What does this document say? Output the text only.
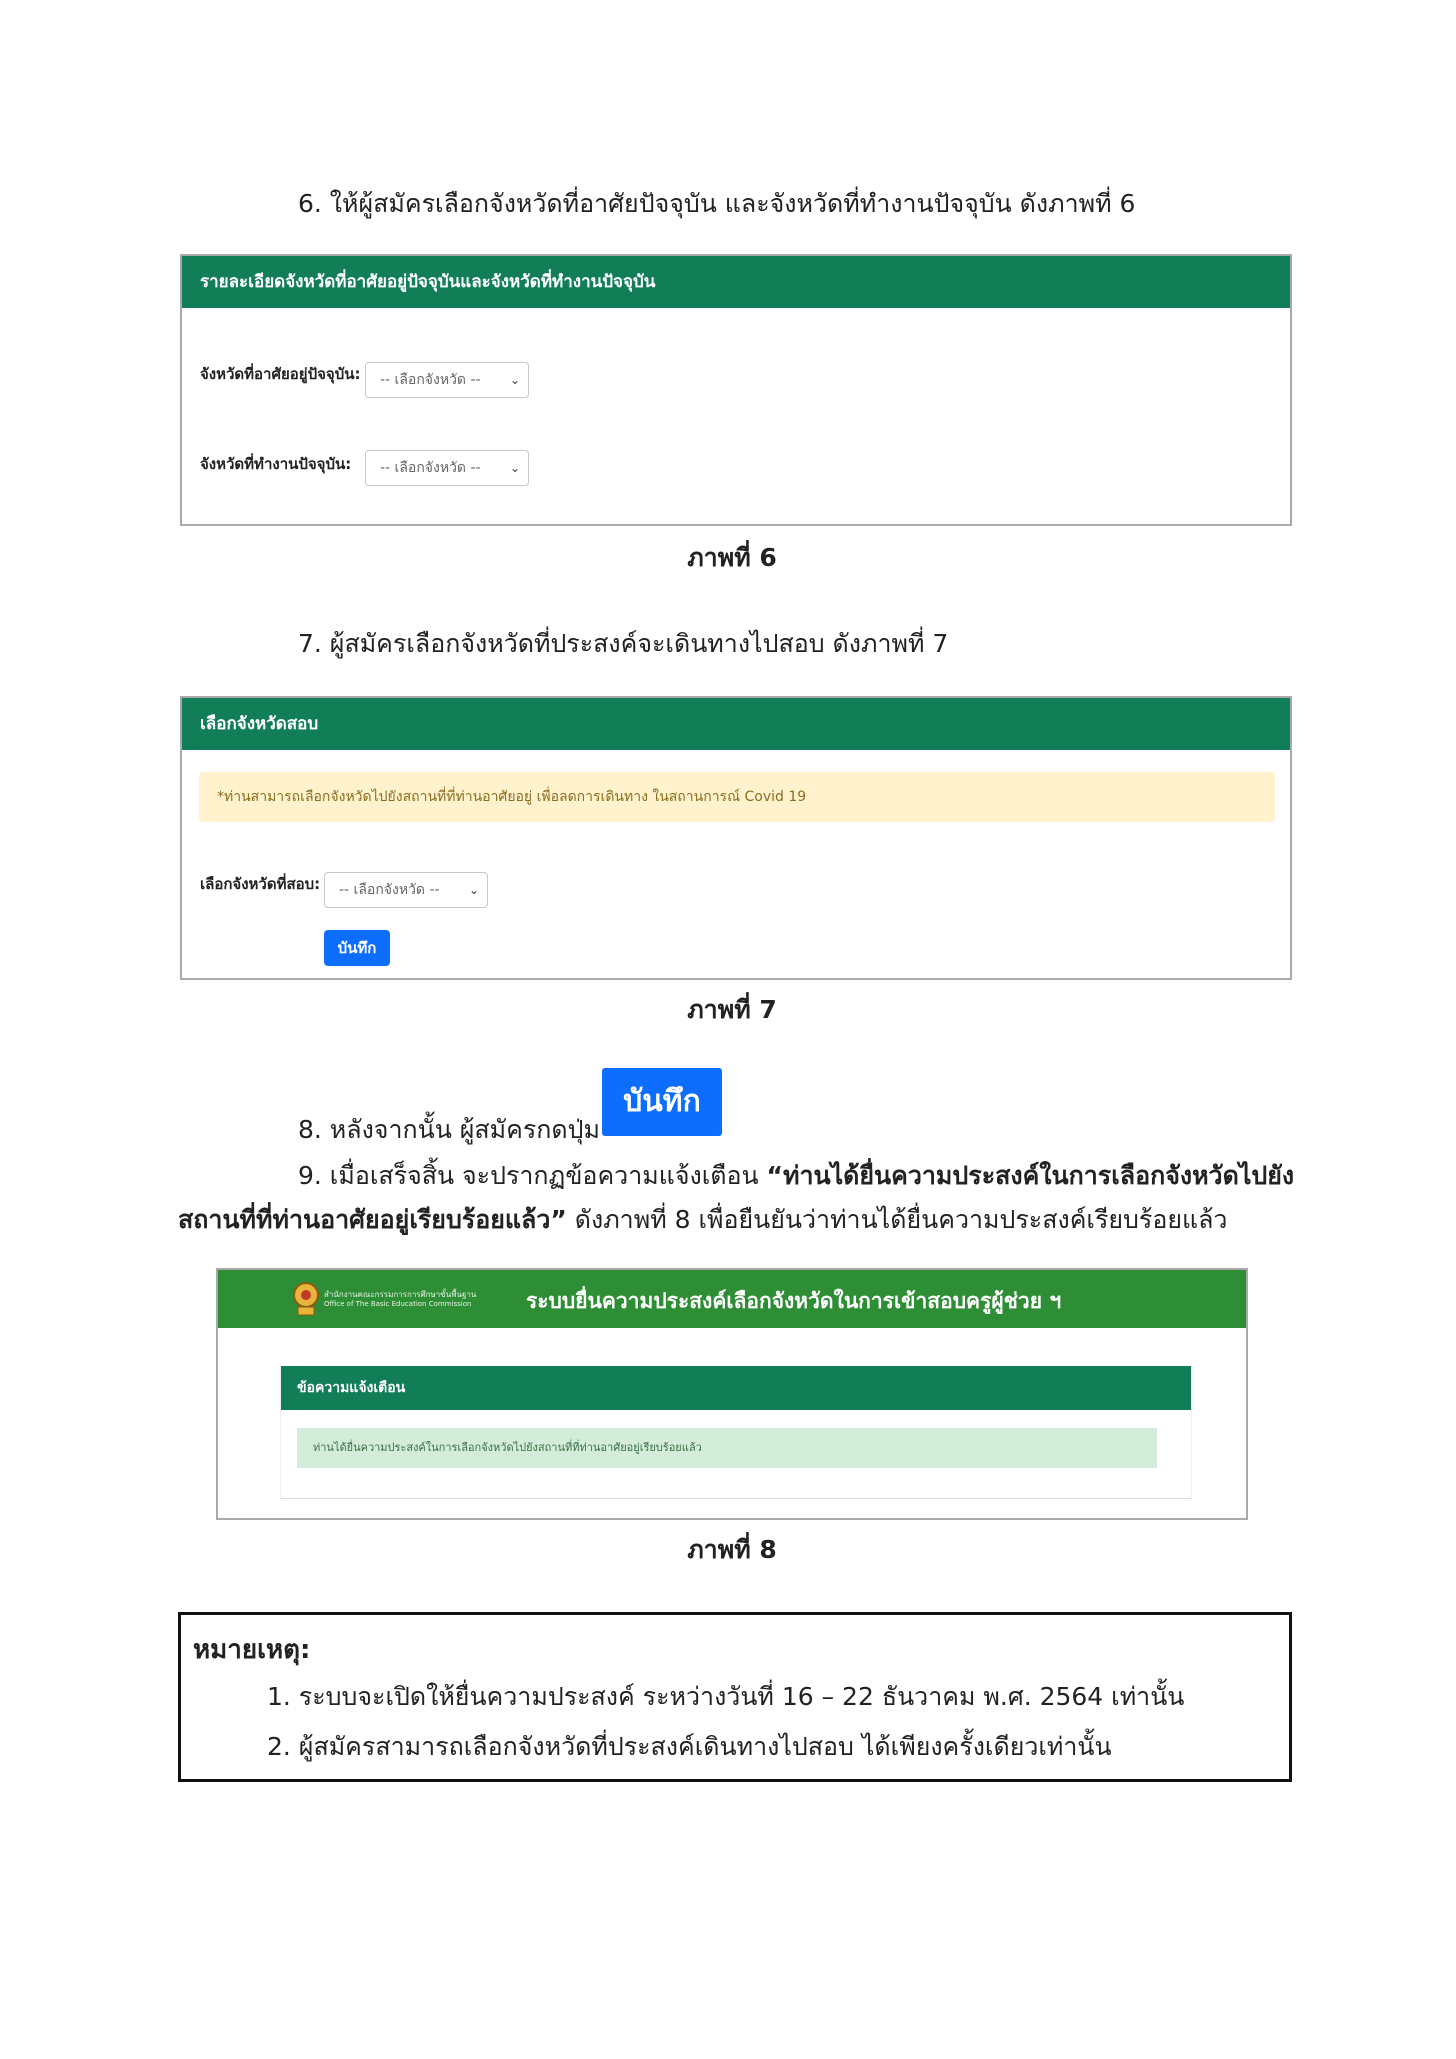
6. ให้ผู้สมัครเลือกจังหวัดที่อาศัยปัจจุบัน และจังหวัดที่ทำงานปัจจุบัน ดังภาพที่ 6
รายละเอียดจังหวัดที่อาศัยอยู่ปัจจุบันและจังหวัดที่ทำงานปัจจุบัน
จังหวัดที่อาศัยอยู่ปัจจุบัน:	-- เลือกจังหวัด -- ⌄
จังหวัดที่ทำงานปัจจุบัน:	-- เลือกจังหวัด -- ⌄
ภาพที่ 6
7. ผู้สมัครเลือกจังหวัดที่ประสงค์จะเดินทางไปสอบ ดังภาพที่ 7
เลือกจังหวัดสอบ
*ท่านสามารถเลือกจังหวัดไปยังสถานที่ที่ท่านอาศัยอยู่ เพื่อลดการเดินทาง ในสถานการณ์ Covid 19
เลือกจังหวัดที่สอบ:	-- เลือกจังหวัด -- ⌄
บันทึก
ภาพที่ 7
8. หลังจากนั้น ผู้สมัครกดปุ่ม
บันทึก
9. เมื่อเสร็จสิ้น จะปรากฏข้อความแจ้งเตือน “ท่านได้ยื่นความประสงค์ในการเลือกจังหวัดไปยัง
สถานที่ที่ท่านอาศัยอยู่เรียบร้อยแล้ว” ดังภาพที่ 8 เพื่อยืนยันว่าท่านได้ยื่นความประสงค์เรียบร้อยแล้ว
สำนักงานคณะกรรมการการศึกษาขั้นพื้นฐาน
Office of The Basic Education Commission	ระบบยื่นความประสงค์เลือกจังหวัดในการเข้าสอบครูผู้ช่วย ฯ
ข้อความแจ้งเตือน
ท่านได้ยื่นความประสงค์ในการเลือกจังหวัดไปยังสถานที่ที่ท่านอาศัยอยู่เรียบร้อยแล้ว
ภาพที่ 8
หมายเหตุ:
1. ระบบจะเปิดให้ยื่นความประสงค์ ระหว่างวันที่ 16 – 22 ธันวาคม พ.ศ. 2564 เท่านั้น
2. ผู้สมัครสามารถเลือกจังหวัดที่ประสงค์เดินทางไปสอบ ได้เพียงครั้งเดียวเท่านั้น
